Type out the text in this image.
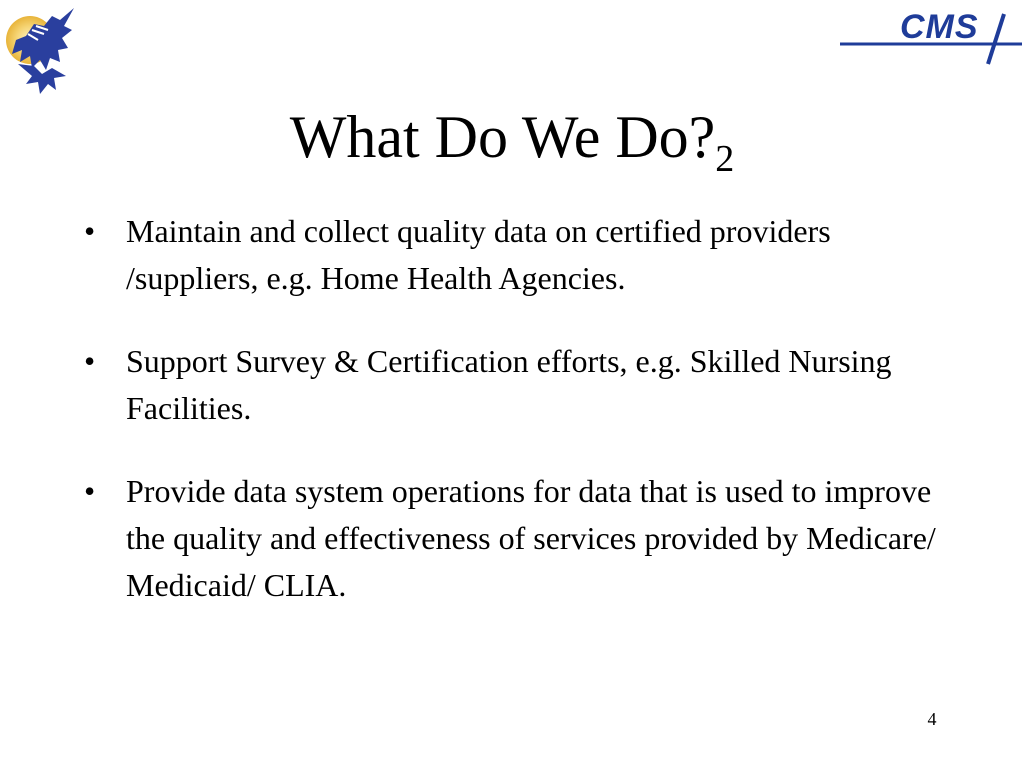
CMS
What Do We $Do?_2$
• Maintain and collect quality data on certified providers /suppliers, e.g. Home Health Agencies.
• Support Survey & Certification efforts, e.g. Skilled Nursing Facilities.
• Provide data system operations for data that is used to improve the quality and effectiveness of services provided by Medicare/ Medicaid/ CLIA.
4
